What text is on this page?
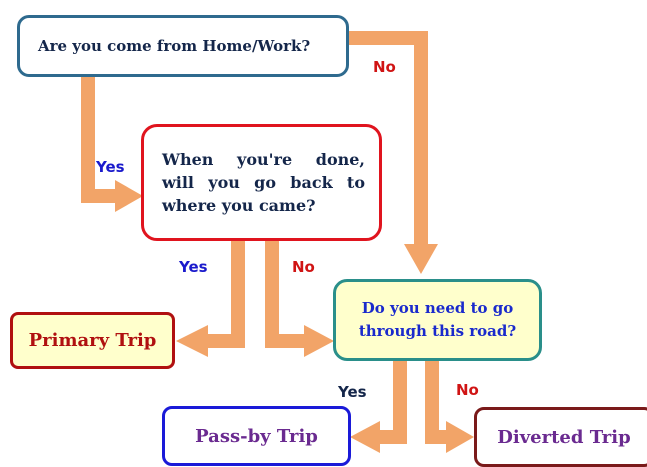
Are you come from Home/Work?
When you're done, will you go back to where you came?
Do you need to go through this road?
Primary Trip
Pass-by Trip	Diverted Trip
No
Yes
Yes	No
Yes	No
